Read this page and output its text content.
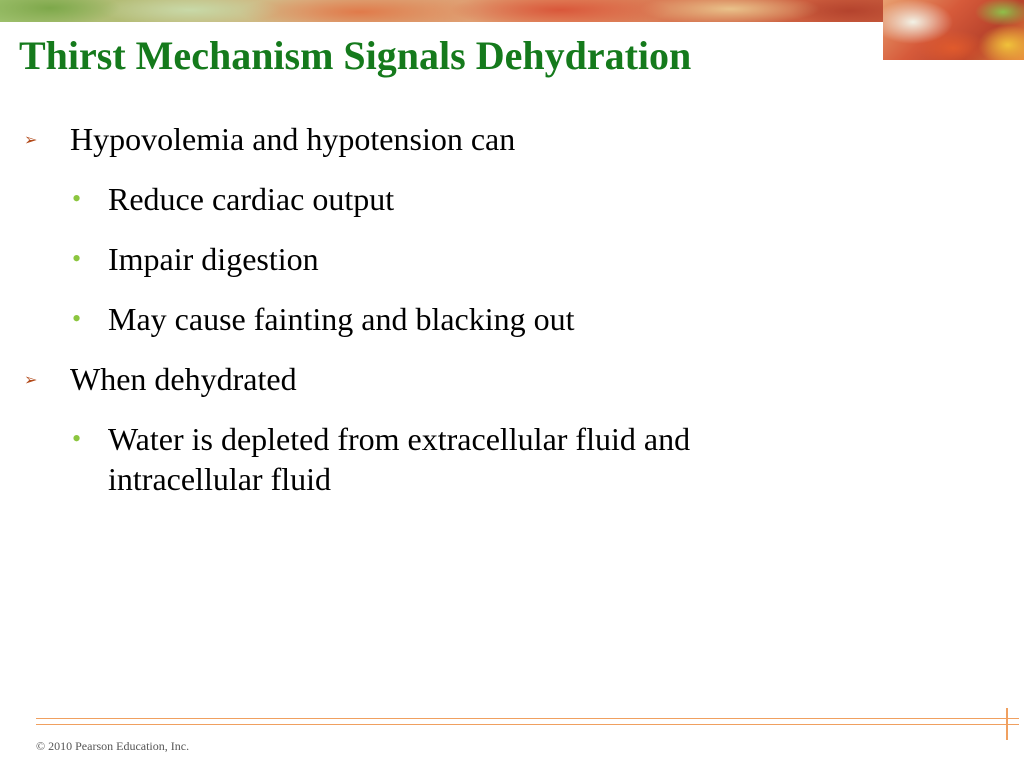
Thirst Mechanism Signals Dehydration
➢ Hypovolemia and hypotension can
• Reduce cardiac output
• Impair digestion
• May cause fainting and blacking out
➢ When dehydrated
• Water is depleted from extracellular fluid and intracellular fluid
© 2010 Pearson Education, Inc.
